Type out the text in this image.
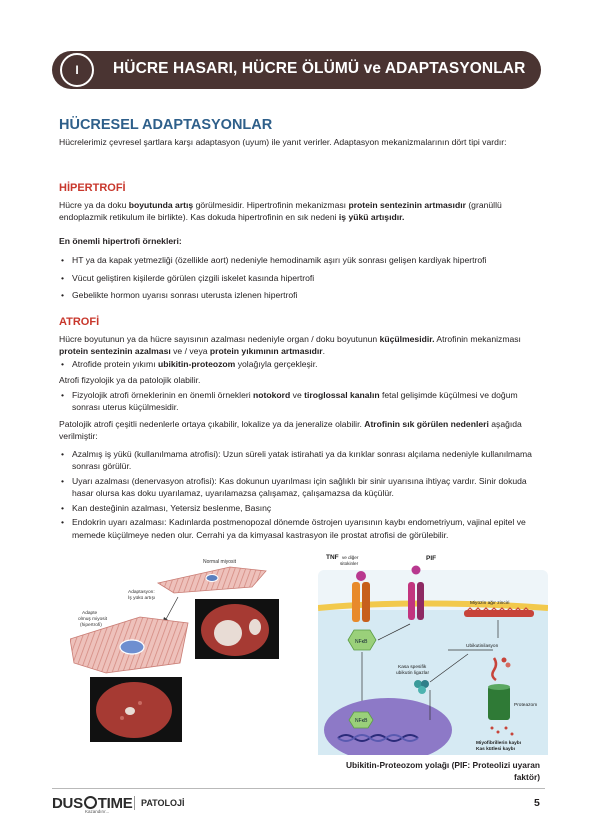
I	HÜCRE HASARI, HÜCRE ÖLÜMÜ ve ADAPTASYONLAR
HÜCRESEL ADAPTASYONLAR
Hücrelerimiz çevresel şartlara karşı adaptasyon (uyum) ile yanıt verirler. Adaptasyon mekanizmalarının dört tipi vardır:
HİPERTROFİ
Hücre ya da doku boyutunda artış görülmesidir. Hipertrofinin mekanizması protein sentezinin artmasıdır (granüllü endoplazmik retikulum ile birlikte). Kas dokuda hipertrofinin en sık nedeni iş yükü artışıdır.
En önemli hipertrofi örnekleri:
• HT ya da kapak yetmezliği (özellikle aort) nedeniyle hemodinamik aşırı yük sonrası gelişen kardiyak hipertrofi
• Vücut geliştiren kişilerde görülen çizgili iskelet kasında hipertrofi
• Gebelikte hormon uyarısı sonrası uterusta izlenen hipertrofi
ATROFİ
Hücre boyutunun ya da hücre sayısının azalması nedeniyle organ / doku boyutunun küçülmesidir. Atrofinin mekanizması protein sentezinin azalması ve / veya protein yıkımının artmasıdır.
• Atrofide protein yıkımı ubikitin-proteozom yolağıyla gerçekleşir.
Atrofi fizyolojik ya da patolojik olabilir.
• Fizyolojik atrofi örneklerinin en önemli örnekleri notokord ve tiroglossal kanalın fetal gelişimde küçülmesi ve doğum sonrası uterus küçülmesidir.
Patolojik atrofi çeşitli nedenlerle ortaya çıkabilir, lokalize ya da jeneralize olabilir. Atrofinin sık görülen nedenleri aşağıda verilmiştir:
• Azalmış iş yükü (kullanılmama atrofisi): Uzun süreli yatak istirahati ya da kırıklar sonrası alçılama nedeniyle kullanılmama sonrası görülür.
• Uyarı azalması (denervasyon atrofisi): Kas dokunun uyarılması için sağlıklı bir sinir uyarısına ihtiyaç vardır. Sinir dokuda hasar olursa kas doku uyarılamaz, uyarılamazsa çalışamaz, çalışamazsa da küçülür.
• Kan desteğinin azalması, Yetersiz beslenme, Basınç
• Endokrin uyarı azalması: Kadınlarda postmenopozal dönemde östrojen uyarısının kaybı endometriyum, vajinal epitel ve memede küçülmeye neden olur. Cerrahi ya da kimyasal kastrasyon ile prostat atrofisi de görülebilir.
Normal miyosit
Adaptasyon:
İş yükü artışı
Adapte
olmuş miyosit
(hipertrofi)
TNF ve diğer
sitokinler
PIF
NFκB
NFκB
Kasa spesifik
ubikutin ligazlar
Miyozin ağır zinciri
Ubikutinilasyon
Proteazom
Miyofibrillerin kaybı
Kas kütlesi kaybı
Ubikitin-Proteozom yolağı (PIF: Proteolizi uyaran faktör)
DUS TIME
Kazandırır...
PATOLOJİ	5
